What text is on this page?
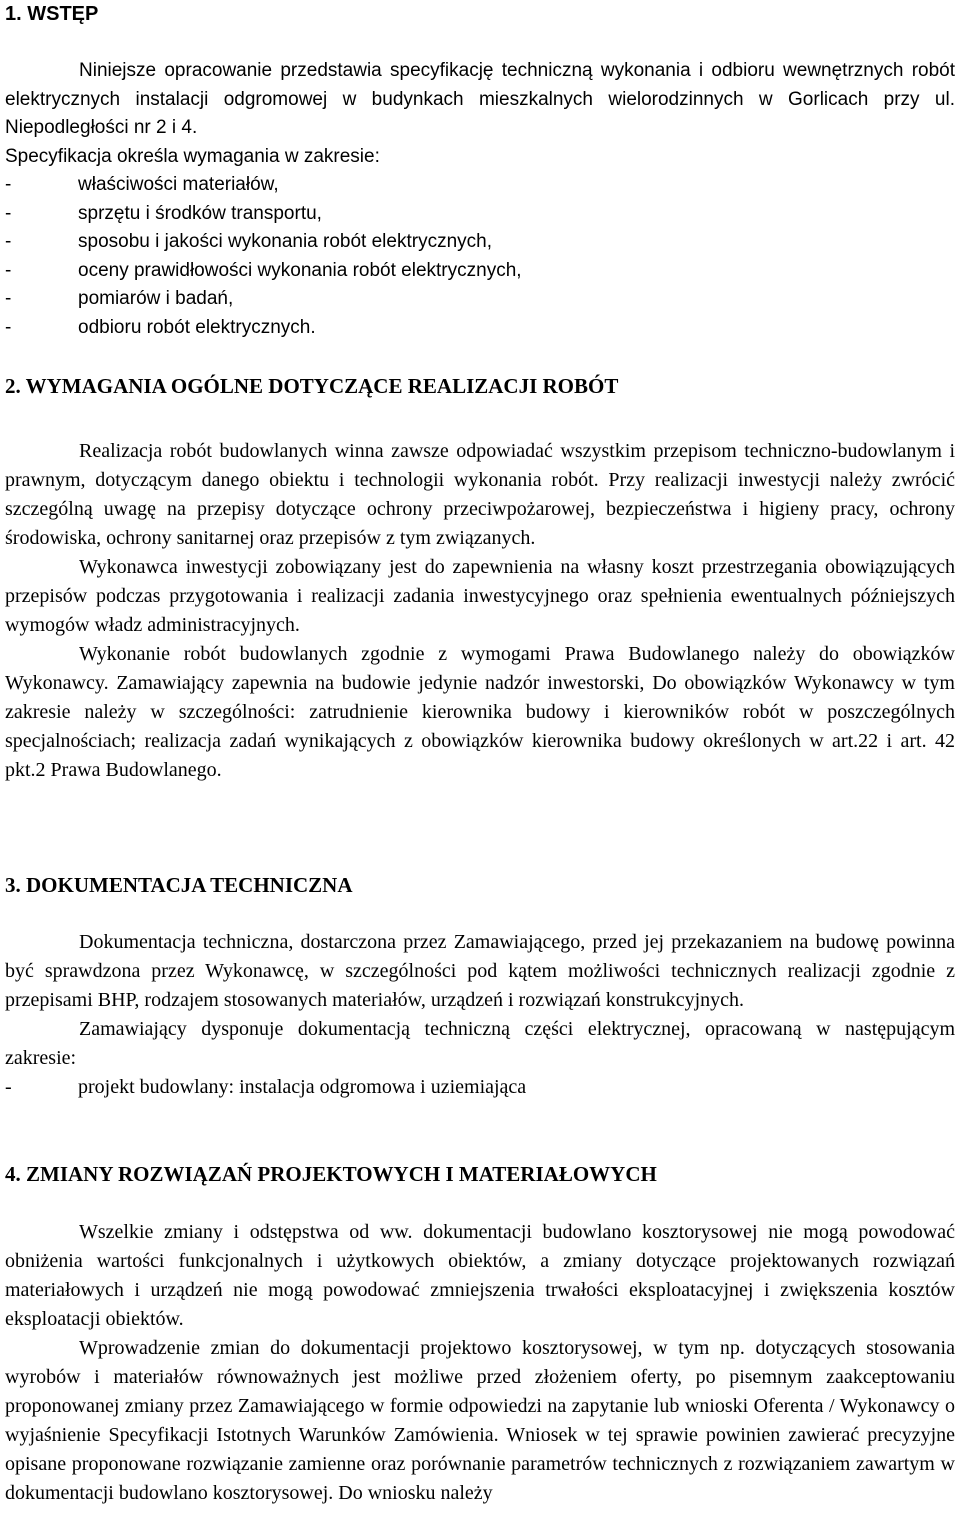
1. WSTĘP

Niniejsze opracowanie przedstawia specyfikację techniczną wykonania i odbioru wewnętrznych robót elektrycznych instalacji odgromowej w budynkach mieszkalnych wielorodzinnych w Gorlicach przy ul. Niepodległości nr 2 i 4.

Specyfikacja określa wymagania w zakresie:

-	właściwości materiałów,
-	sprzętu i środków transportu,
-	sposobu i jakości wykonania robót elektrycznych,
-	oceny prawidłowości wykonania robót elektrycznych,
-	pomiarów i badań,
-	odbioru robót elektrycznych.
2. WYMAGANIA OGÓLNE DOTYCZĄCE REALIZACJI ROBÓT

Realizacja robót budowlanych winna zawsze odpowiadać wszystkim przepisom techniczno-budowlanym i prawnym, dotyczącym danego obiektu i technologii wykonania robót. Przy realizacji inwestycji należy zwrócić szczególną uwagę na przepisy dotyczące ochrony przeciwpożarowej, bezpieczeństwa i higieny pracy, ochrony środowiska, ochrony sanitarnej oraz przepisów z tym związanych.

Wykonawca inwestycji zobowiązany jest do zapewnienia na własny koszt przestrzegania obowiązujących przepisów podczas przygotowania i realizacji zadania inwestycyjnego oraz spełnienia ewentualnych późniejszych wymogów władz administracyjnych.

Wykonanie robót budowlanych zgodnie z wymogami Prawa Budowlanego należy do obowiązków Wykonawcy. Zamawiający zapewnia na budowie jedynie nadzór inwestorski, Do obowiązków Wykonawcy w tym zakresie należy w szczególności: zatrudnienie kierownika budowy i kierowników robót w poszczególnych specjalnościach; realizacja zadań wynikających z obowiązków kierownika budowy określonych w art.22 i art. 42 pkt.2 Prawa Budowlanego.

3. DOKUMENTACJA TECHNICZNA

Dokumentacja techniczna, dostarczona przez Zamawiającego, przed jej przekazaniem na budowę powinna być sprawdzona przez Wykonawcę, w szczególności pod kątem możliwości technicznych realizacji zgodnie z przepisami BHP, rodzajem stosowanych materiałów, urządzeń i rozwiązań konstrukcyjnych.

Zamawiający dysponuje dokumentacją techniczną części elektrycznej, opracowaną w następującym zakresie:

-	projekt budowlany: instalacja odgromowa i uziemiająca
4. ZMIANY ROZWIĄZAŃ PROJEKTOWYCH I MATERIAŁOWYCH

Wszelkie zmiany i odstępstwa od ww. dokumentacji budowlano kosztorysowej nie mogą powodować obniżenia wartości funkcjonalnych i użytkowych obiektów, a zmiany dotyczące projektowanych rozwiązań materiałowych i urządzeń nie mogą powodować zmniejszenia trwałości eksploatacyjnej i zwiększenia kosztów eksploatacji obiektów.

Wprowadzenie zmian do dokumentacji projektowo kosztorysowej, w tym np. dotyczących stosowania wyrobów i materiałów równoważnych jest możliwe przed złożeniem oferty, po pisemnym zaakceptowaniu proponowanej zmiany przez Zamawiającego w formie odpowiedzi na zapytanie lub wnioski Oferenta / Wykonawcy o wyjaśnienie Specyfikacji Istotnych Warunków Zamówienia. Wniosek w tej sprawie powinien zawierać precyzyjne opisane proponowane rozwiązanie zamienne oraz porównanie parametrów technicznych z rozwiązaniem zawartym w dokumentacji budowlano kosztorysowej. Do wniosku należy
